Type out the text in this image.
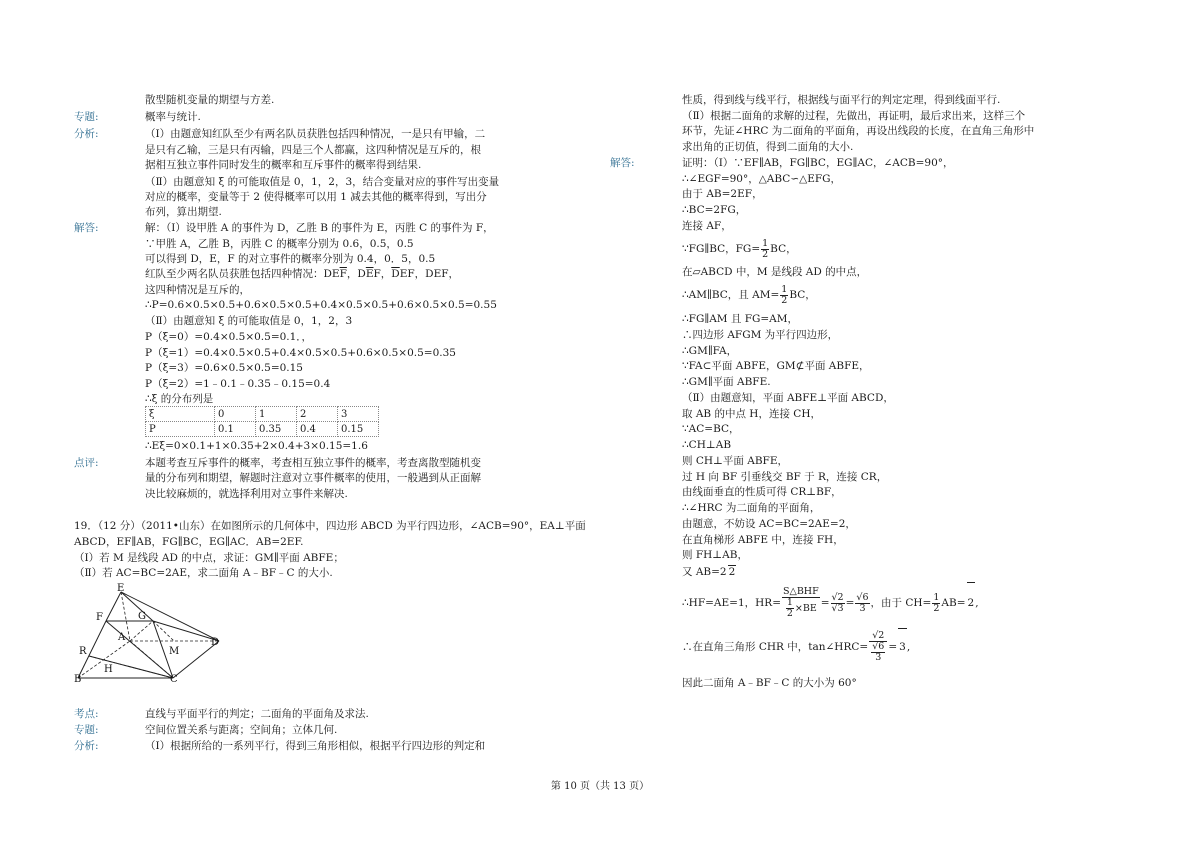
散型随机变量的期望与方差.
专题:	概率与统计.
分析:	（Ⅰ）由题意知红队至少有两名队员获胜包括四种情况，一是只有甲输，二
是只有乙输，三是只有丙输，四是三个人都赢，这四种情况是互斥的，根
据相互独立事件同时发生的概率和互斥事件的概率得到结果.
（Ⅱ）由题意知 ξ 的可能取值是 0，1，2，3，结合变量对应的事件写出变量
对应的概率，变量等于 2 使得概率可以用 1 减去其他的概率得到，写出分
布列，算出期望.
解答:	解：（Ⅰ）设甲胜 A 的事件为 D，乙胜 B 的事件为 E，丙胜 C 的事件为 F，
∵甲胜 A，乙胜 B，丙胜 C 的概率分别为 0.6，0.5，0.5
可以得到 D，E，F 的对立事件的概率分别为 0.4，0．5，0.5
红队至少两名队员获胜包括四种情况：$DE\overline{F}$，$D\overline{E}F$，$\overline{D}EF$，DEF，
这四种情况是互斥的，
∴P=0.6×0.5×0.5+0.6×0.5×0.5+0.4×0.5×0.5+0.6×0.5×0.5=0.55
（Ⅱ）由题意知 ξ 的可能取值是 0，1，2，3
P（ξ=0）=0.4×0.5×0.5=0.1．，
P（ξ=1）=0.4×0.5×0.5+0.4×0.5×0.5+0.6×0.5×0.5=0.35
P（ξ=3）=0.6×0.5×0.5=0.15
P（ξ=2）=1﹣0.1﹣0.35﹣0.15=0.4
∴ξ 的分布列是
ξ	0	1	2	3
P	0.1	0.35	0.4	0.15
∴Eξ=0×0.1+1×0.35+2×0.4+3×0.15=1.6
点评:	本题考查互斥事件的概率，考查相互独立事件的概率，考查离散型随机变
量的分布列和期望，解题时注意对立事件概率的使用，一般遇到从正面解
决比较麻烦的，就选择利用对立事件来解决.
19．（12 分）（2011•山东）在如图所示的几何体中，四边形 ABCD 为平行四边形，∠ACB=90°，EA⊥平面
ABCD，EF∥AB，FG∥BC，EG∥AC．AB=2EF.
（Ⅰ）若 M 是线段 AD 的中点，求证：GM∥平面 ABFE；
（Ⅱ）若 AC=BC=2AE，求二面角 A﹣BF﹣C 的大小.
E
F	G
A	D
M
R
H
B	C
考点:	直线与平面平行的判定；二面角的平面角及求法.
专题:	空间位置关系与距离；空间角；立体几何.
分析:	（Ⅰ）根据所给的一系列平行，得到三角形相似，根据平行四边形的判定和
性质，得到线与线平行，根据线与面平行的判定定理，得到线面平行.
（Ⅱ）根据二面角的求解的过程，先做出，再证明，最后求出来，这样三个
环节，先证∠HRC 为二面角的平面角，再设出线段的长度，在直角三角形中
求出角的正切值，得到二面角的大小.
解答:	证明：（Ⅰ）∵EF∥AB，FG∥BC，EG∥AC，∠ACB=90°，
∴∠EGF=90°，△ABC∽△EFG，
由于 AB=2EF，
∴BC=2FG，
连接 AF，
∵FG∥BC，$FG= \frac{1}{2}$ BC，
在▱ABCD 中，M 是线段 AD 的中点，
∴AM∥BC，且 $AM= \frac{1}{2}$ BC，
∴FG∥AM 且 FG=AM，
∴四边形 AFGM 为平行四边形，
∴GM∥FA，
∵FA⊂平面 ABFE，GM⊄平面 ABFE，
∴GM∥平面 ABFE.
（Ⅱ）由题意知，平面 ABFE⊥平面 ABCD，
取 AB 的中点 H，连接 CH，
∵AC=BC，
∴CH⊥AB
则 CH⊥平面 ABFE，
过 H 向 BF 引垂线交 BF 于 R，连接 CR，
由线面垂直的性质可得 CR⊥BF，
∴∠HRC 为二面角的平面角，
由题意，不妨设 AC=BC=2AE=2，
在直角梯形 ABFE 中，连接 FH，
则 FH⊥AB，
又 AB=2 2
∴HF=AE=1，$HR= \frac{\text{S△BHF}}{\frac{1}{2} \times BE} = \frac{√2}{√3} = \frac{√6}{3}$ ，由于 $CH= \frac{1}{2} AB= 2$,
∴在直角三角形 CHR 中，tan∠HRC= $\frac{√2}{\frac{√6}{3}} = 3$,
因此二面角 A﹣BF﹣C 的大小为 60°
第 10 页（共 13 页）
